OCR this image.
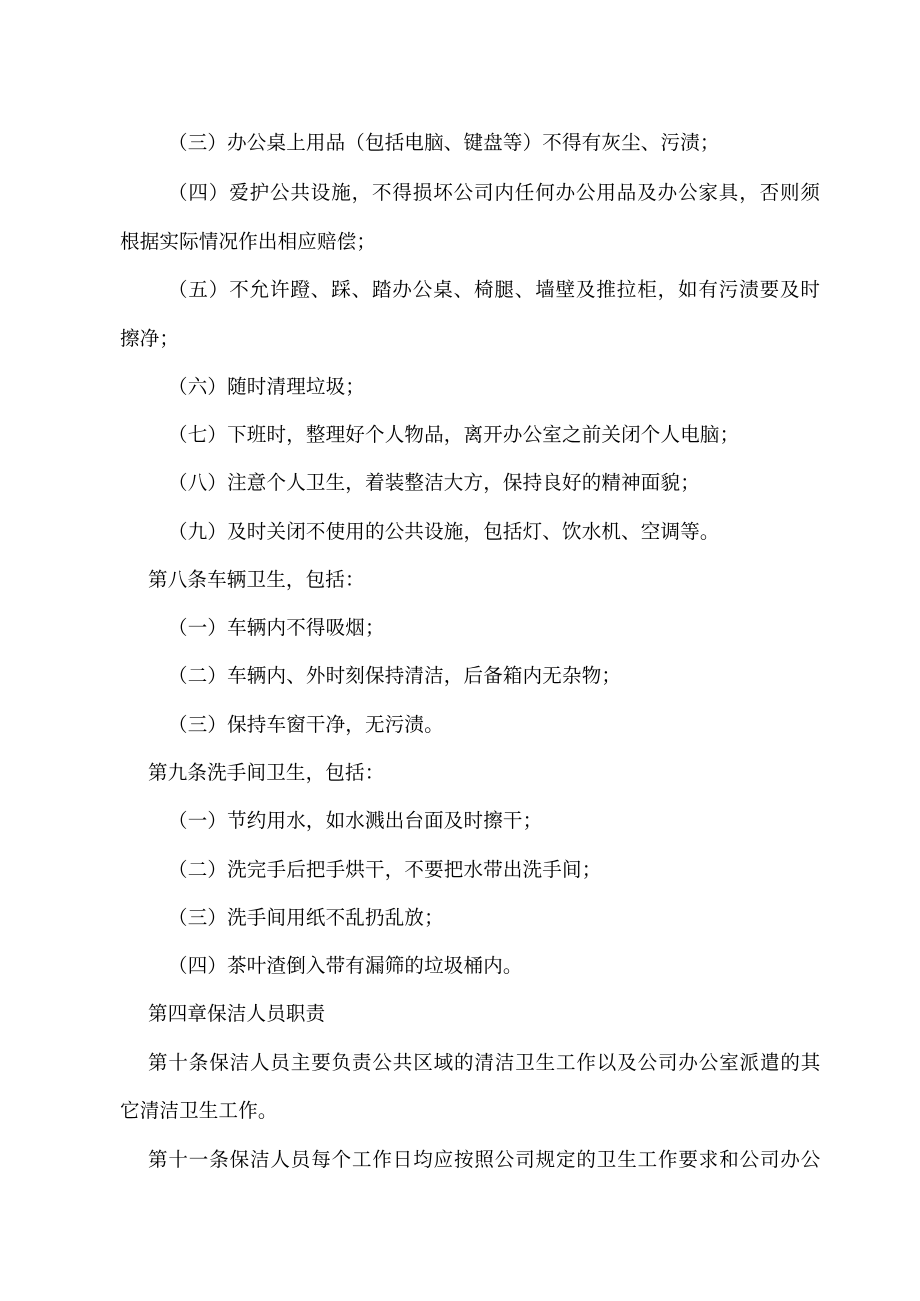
（三）办公桌上用品（包括电脑、键盘等）不得有灰尘、污渍；
（四）爱护公共设施，不得损坏公司内任何办公用品及办公家具，否则须
根据实际情况作出相应赔偿；
（五）不允许蹬、踩、踏办公桌、椅腿、墙壁及推拉柜，如有污渍要及时
擦净；
（六）随时清理垃圾；
（七）下班时，整理好个人物品，离开办公室之前关闭个人电脑；
（八）注意个人卫生，着装整洁大方，保持良好的精神面貌；
（九）及时关闭不使用的公共设施，包括灯、饮水机、空调等。
第八条车辆卫生，包括：
（一）车辆内不得吸烟；
（二）车辆内、外时刻保持清洁，后备箱内无杂物；
（三）保持车窗干净，无污渍。
第九条洗手间卫生，包括：
（一）节约用水，如水溅出台面及时擦干；
（二）洗完手后把手烘干，不要把水带出洗手间；
（三）洗手间用纸不乱扔乱放；
（四）茶叶渣倒入带有漏筛的垃圾桶内。
第四章保洁人员职责
第十条保洁人员主要负责公共区域的清洁卫生工作以及公司办公室派遣的其
它清洁卫生工作。
第十一条保洁人员每个工作日均应按照公司规定的卫生工作要求和公司办公
